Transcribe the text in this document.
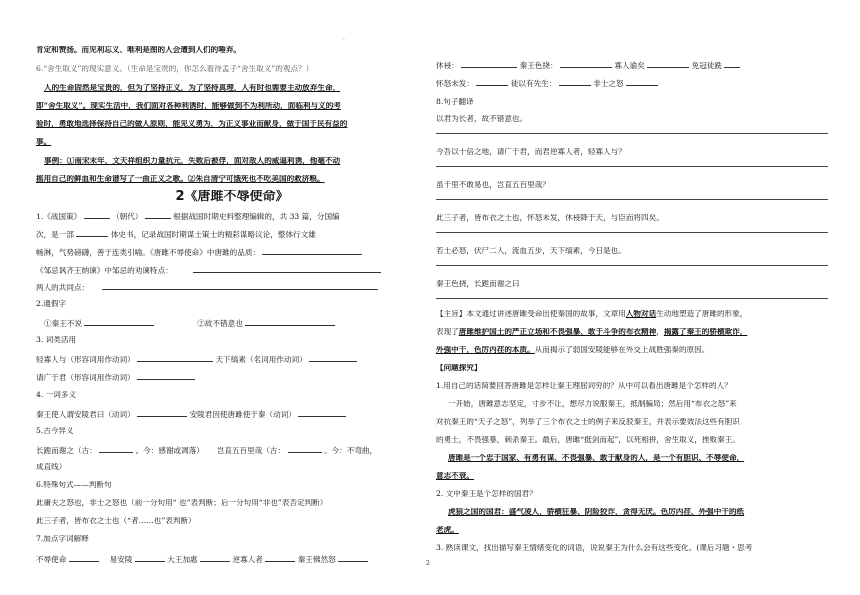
·
肯定和赞扬。而见利忘义、唯利是图的人会遭到人们的唾弃。
6.“舍生取义”的现实意义。（生命是宝贵的，你怎么看待孟子“舍生取义”的观点？）
人的生命固然是宝贵的，但为了坚持正义，为了坚持真理，人有时也需要主动放弃生命，
即“舍生取义”。现实生活中，我们面对各种利诱时，能够做到不为利所动，面临利与义的考
验时，勇敢地选择保持自己的做人原则，能见义勇为，为正义事业而献身，做于国于民有益的
事。
事例：①南宋末年，文天祥组织力量抗元，失败后被俘，面对敌人的威逼利诱，他毫不动
摇用自己的鲜血和生命谱写了一曲正义之歌。②朱自清宁可饿死也不吃美国的救济粮。
2《唐雎不辱使命》
1.《战国策》	（朝代）	根据战国时期史料整理编辑的，共 33 篇，分国编
次，是一部	体史书，记录战国时期谋士策士的精彩谋略议论，整体行文雄
畅淋，气势磅礴，善于连类引喻。《唐雎不辱使命》中唐雎的品质：
《邹忌讽齐王纳谏》中邹忌的劝谏特点：
两人的共同点：
2.通假字
①秦王不说	②故不错意也
3. 词类活用
轻寡人与（形容词用作动词）	天下缟素（名词用作动词）
请广于君（形容词用作动词）
4. 一词多义
秦王使人谓安陵君曰（动词）	安陵君因使唐雎使于秦（动词）
5.古今异义
长跪而谢之（古：	。今：感谢或凋落） 岂直五百里哉（古：	。今：不弯曲，
成直线）
6.特殊句式——判断句
此庸夫之怒也，非士之怒也（前一分句用“ 也”表判断；后一分句用“非也”表否定判断）
此三子者，皆布衣之士也（“者……也”表判断）
7.加点字词解释
不辱使命	易安陵	大王加惠	逆寡人者	秦王怫然怒
休祲：	秦王色挠：	寡人谕矣	免冠徒跣
怀怒未发：	徒以有先生：	非士之怒
8.句子翻译
以君为长者，故不错意也。
今吾以十倍之地，请广于君，而君逆寡人者，轻寡人与？
虽千里不敢易也，岂直五百里哉？
此三子者，皆布衣之士也，怀怒未发，休祲降于天，与臣而将四矣。
若士必怒，伏尸二人，流血五步，天下缟素，今日是也。
秦王色挠，长跪而谢之曰
【主旨】本文通过讲述唐雎受命出使秦国的故事，文章用人物对话生动地塑造了唐雎的形象，
表现了唐雎维护国土的严正立场和不畏强暴、敢于斗争的布衣精神，揭露了秦王的骄横欺诈，
外强中干，色厉内荏的本质。从而揭示了弱国安陵能够在外交上战胜强秦的原因。
【问题探究】
1.用自己的话简要回答唐雎是怎样让秦王理屈词穷的？从中可以看出唐雎是个怎样的人？
一开始，唐雎意志坚定，寸步不让，想尽力说服秦王，抵制骗局；然后用“布衣之怒”来
对抗秦王的“天子之怒”，列举了三个布衣之士的例子来反驳秦王，并表示要效法这些有胆识
的勇士，不畏强暴，刺杀秦王。最后，唐雎“挺剑而起”，以死相拼，舍生取义，挫败秦王。
唐雎是一个忠于国家、有勇有谋、不畏强暴、敢于献身的人，是一个有胆识、不辱使命，
意志不衰。
2. 文中秦王是个怎样的国君？
虎狼之国的国君：盛气凌人，骄横狂暴、阴险狡诈，贪得无厌。色厉内荏、外强中干的纸
老虎。
3. 熟读课文，找出描写秦王情绪变化的词语，说说秦王为什么会有这些变化。(课后习题・思考
2
